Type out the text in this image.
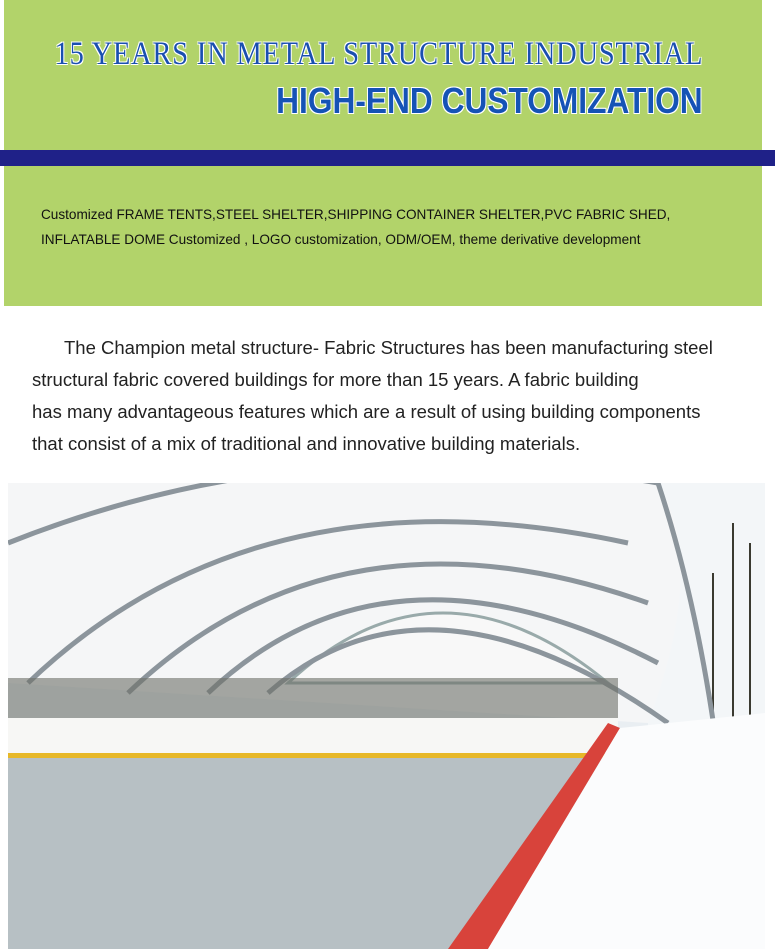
15 YEARS IN METAL STRUCTURE INDUSTRIAL
HIGH-END CUSTOMIZATION
Customized FRAME TENTS,STEEL SHELTER,SHIPPING CONTAINER SHELTER,PVC FABRIC SHED,
INFLATABLE DOME Customized , LOGO customization, ODM/OEM, theme derivative development
The Champion metal structure- Fabric Structures has been manufacturing steel
structural fabric covered buildings for more than 15 years. A fabric building
has many advantageous features which are a result of using building components
that consist of a mix of traditional and innovative building materials.
